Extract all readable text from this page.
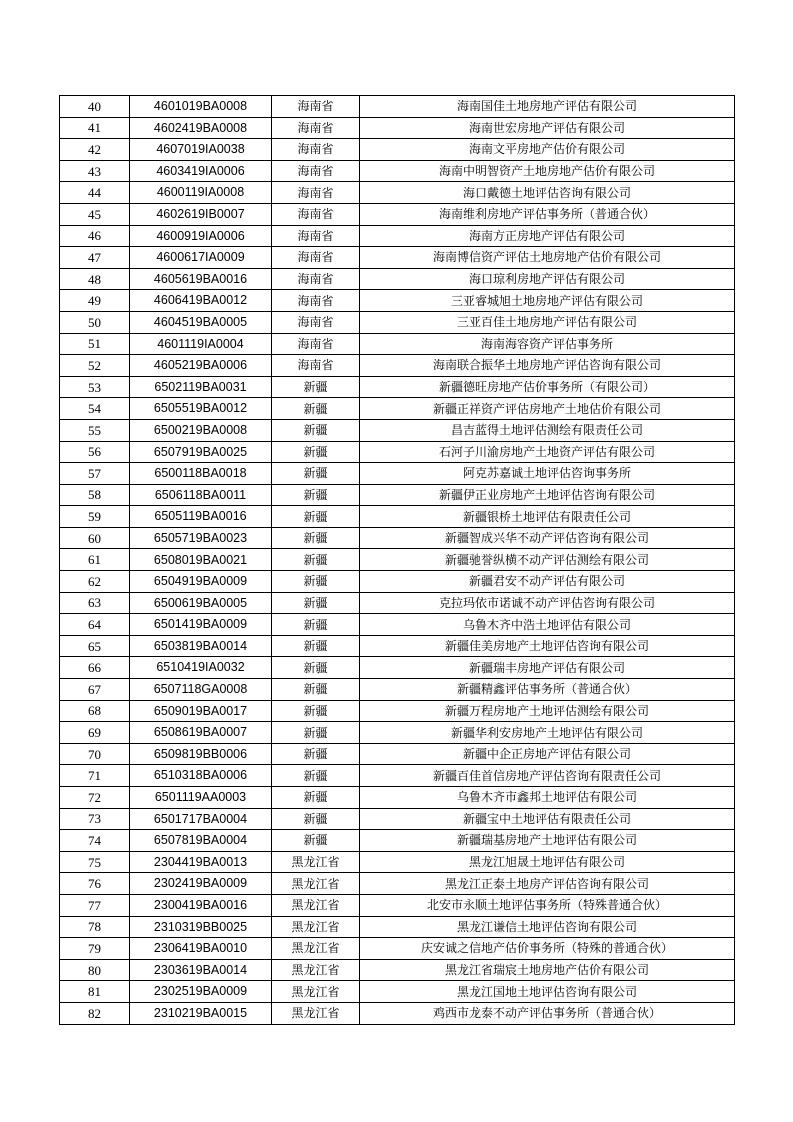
40	4601019BA0008	海南省	海南国佳土地房地产评估有限公司
41	4602419BA0008	海南省	海南世宏房地产评估有限公司
42	4607019IA0038	海南省	海南文平房地产估价有限公司
43	4603419IA0006	海南省	海南中明智资产土地房地产估价有限公司
44	4600119IA0008	海南省	海口戴德土地评估咨询有限公司
45	4602619IB0007	海南省	海南维利房地产评估事务所（普通合伙）
46	4600919IA0006	海南省	海南方正房地产评估有限公司
47	4600617IA0009	海南省	海南博信资产评估土地房地产估价有限公司
48	4605619BA0016	海南省	海口琼利房地产评估有限公司
49	4606419BA0012	海南省	三亚睿城旭土地房地产评估有限公司
50	4604519BA0005	海南省	三亚百佳土地房地产评估有限公司
51	4601119IA0004	海南省	海南海容资产评估事务所
52	4605219BA0006	海南省	海南联合振华土地房地产评估咨询有限公司
53	6502119BA0031	新疆	新疆德旺房地产估价事务所（有限公司）
54	6505519BA0012	新疆	新疆正祥资产评估房地产土地估价有限公司
55	6500219BA0008	新疆	昌吉蓝得土地评估测绘有限责任公司
56	6507919BA0025	新疆	石河子川渝房地产土地资产评估有限公司
57	6500118BA0018	新疆	阿克苏嘉诚土地评估咨询事务所
58	6506118BA0011	新疆	新疆伊正业房地产土地评估咨询有限公司
59	6505119BA0016	新疆	新疆银桥土地评估有限责任公司
60	6505719BA0023	新疆	新疆智成兴华不动产评估咨询有限公司
61	6508019BA0021	新疆	新疆驰誉纵横不动产评估测绘有限公司
62	6504919BA0009	新疆	新疆君安不动产评估有限公司
63	6500619BA0005	新疆	克拉玛依市诺诚不动产评估咨询有限公司
64	6501419BA0009	新疆	乌鲁木齐中浩土地评估有限公司
65	6503819BA0014	新疆	新疆佳美房地产土地评估咨询有限公司
66	6510419IA0032	新疆	新疆瑞丰房地产评估有限公司
67	6507118GA0008	新疆	新疆精鑫评估事务所（普通合伙）
68	6509019BA0017	新疆	新疆万程房地产土地评估测绘有限公司
69	6508619BA0007	新疆	新疆华利安房地产土地评估有限公司
70	6509819BB0006	新疆	新疆中企正房地产评估有限公司
71	6510318BA0006	新疆	新疆百佳首信房地产评估咨询有限责任公司
72	6501119AA0003	新疆	乌鲁木齐市鑫邦土地评估有限公司
73	6501717BA0004	新疆	新疆宝中土地评估有限责任公司
74	6507819BA0004	新疆	新疆瑞基房地产土地评估有限公司
75	2304419BA0013	黑龙江省	黑龙江旭晟土地评估有限公司
76	2302419BA0009	黑龙江省	黑龙江正泰土地房产评估咨询有限公司
77	2300419BA0016	黑龙江省	北安市永顺土地评估事务所（特殊普通合伙）
78	2310319BB0025	黑龙江省	黑龙江谦信土地评估咨询有限公司
79	2306419BA0010	黑龙江省	庆安诚之信地产估价事务所（特殊的普通合伙）
80	2303619BA0014	黑龙江省	黑龙江省瑞宸土地房地产估价有限公司
81	2302519BA0009	黑龙江省	黑龙江国地土地评估咨询有限公司
82	2310219BA0015	黑龙江省	鸡西市龙泰不动产评估事务所（普通合伙）
